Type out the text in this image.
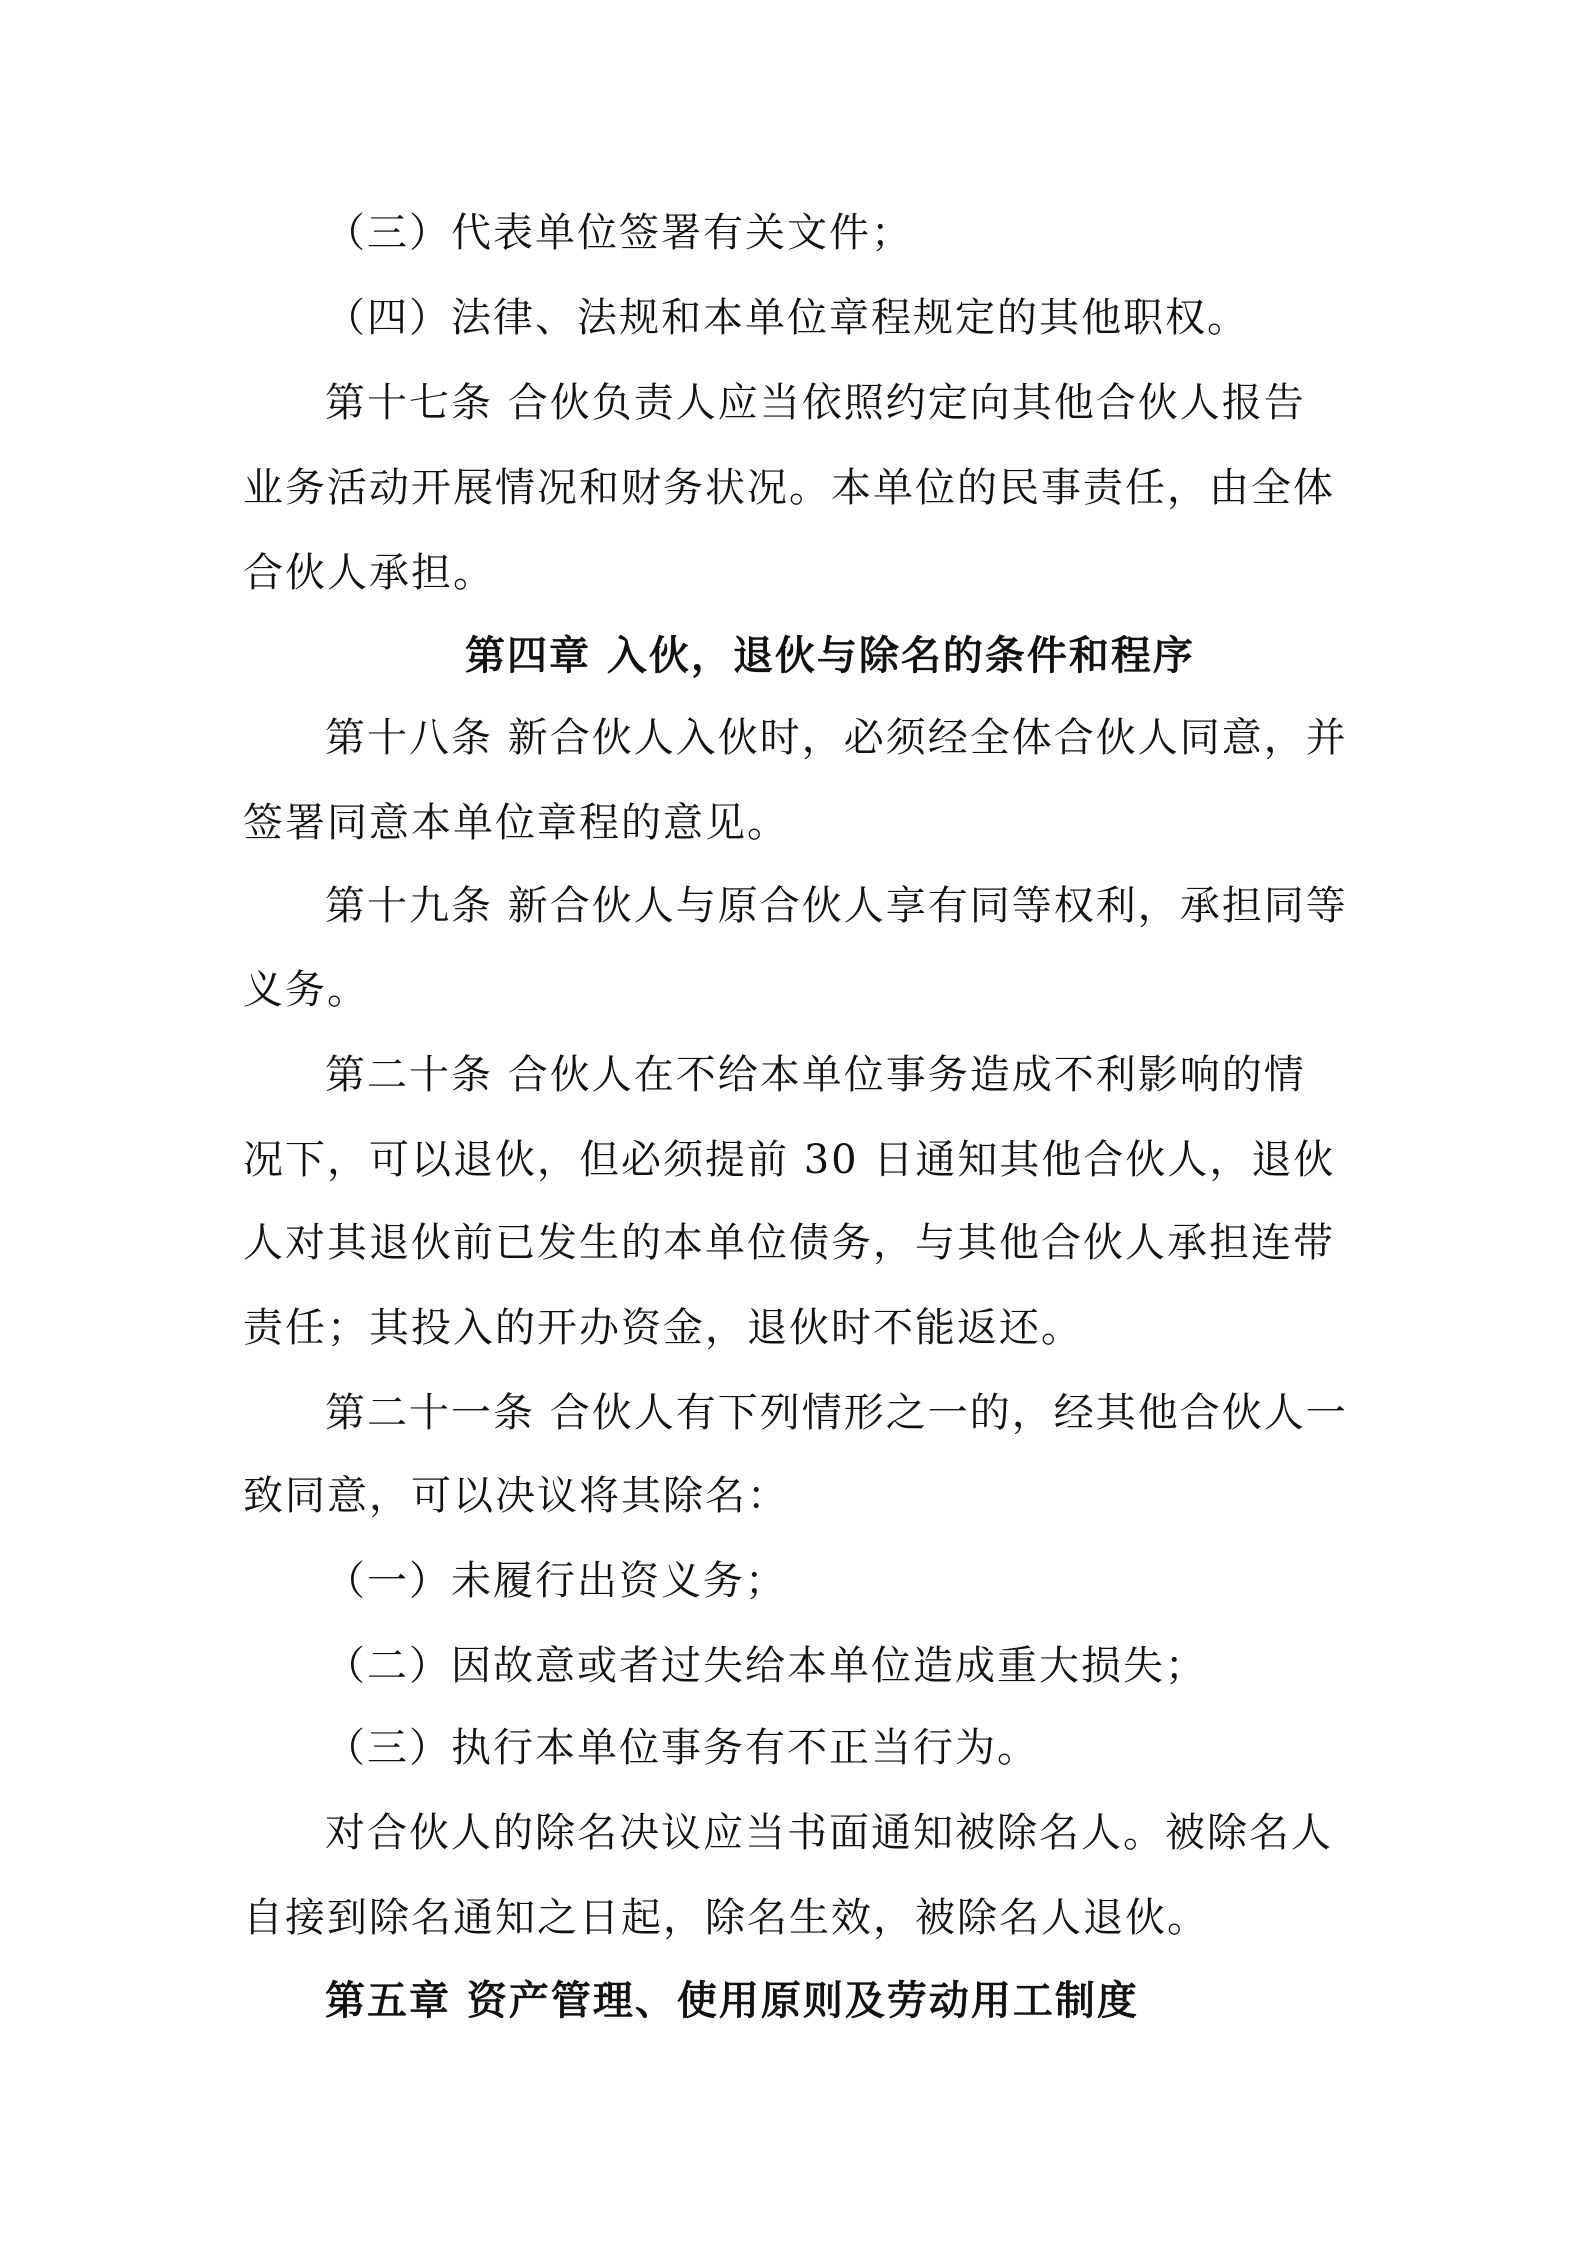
（三）代表单位签署有关文件；

（四）法律、法规和本单位章程规定的其他职权。

第十七条 合伙负责人应当依照约定向其他合伙人报告

业务活动开展情况和财务状况。本单位的民事责任，由全体

合伙人承担。

第四章 入伙，退伙与除名的条件和程序

第十八条 新合伙人入伙时，必须经全体合伙人同意，并

签署同意本单位章程的意见。

第十九条 新合伙人与原合伙人享有同等权利，承担同等

义务。

第二十条 合伙人在不给本单位事务造成不利影响的情

况下，可以退伙，但必须提前 30 日通知其他合伙人，退伙

人对其退伙前已发生的本单位债务，与其他合伙人承担连带

责任；其投入的开办资金，退伙时不能返还。

第二十一条 合伙人有下列情形之一的，经其他合伙人一

致同意，可以决议将其除名：

（一）未履行出资义务；

（二）因故意或者过失给本单位造成重大损失；

（三）执行本单位事务有不正当行为。

对合伙人的除名决议应当书面通知被除名人。被除名人

自接到除名通知之日起，除名生效，被除名人退伙。

第五章 资产管理、使用原则及劳动用工制度
